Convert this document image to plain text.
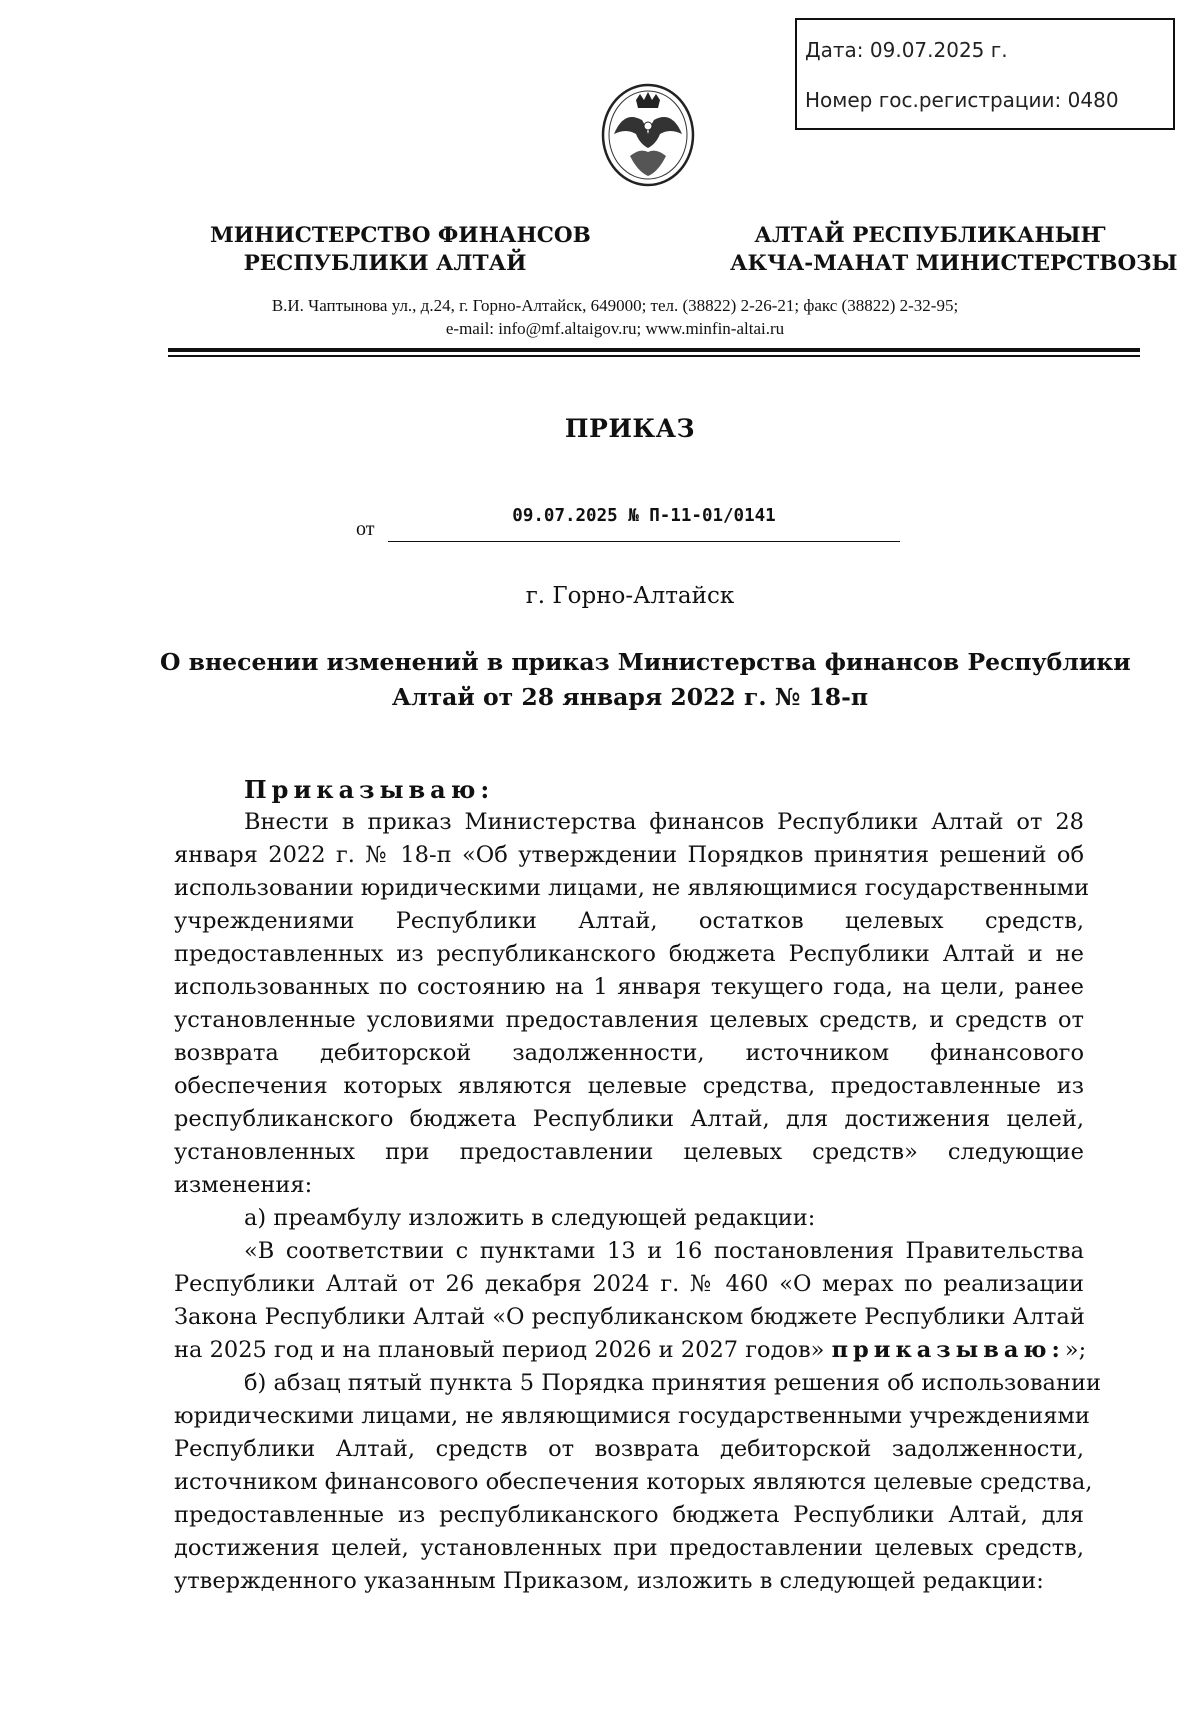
Дата: 09.07.2025 г.
Номер гос.регистрации: 0480
МИНИСТЕРСТВО ФИНАНСОВ
РЕСПУБЛИКИ АЛТАЙ
АЛТАЙ РЕСПУБЛИКАНЫҤ
АКЧА-МАНАТ МИНИСТЕРСТВОЗЫ
В.И. Чаптынова ул., д.24, г. Горно-Алтайск, 649000; тел. (38822) 2-26-21; факс (38822) 2-32-95;
e-mail: info@mf.altaigov.ru; www.minfin-altai.ru
ПРИКАЗ
от
09.07.2025 № П-11-01/0141
г. Горно-Алтайск
О внесении изменений в приказ Министерства финансов Республики
Алтай от 28 января 2022 г. № 18-п
Приказываю:
Внести в приказ Министерства финансов Республики Алтай от 28
января 2022 г. № 18-п «Об утверждении Порядков принятия решений об
использовании юридическими лицами, не являющимися государственными
учреждениями Республики Алтай, остатков целевых средств,
предоставленных из республиканского бюджета Республики Алтай и не
использованных по состоянию на 1 января текущего года, на цели, ранее
установленные условиями предоставления целевых средств, и средств от
возврата дебиторской задолженности, источником финансового
обеспечения которых являются целевые средства, предоставленные из
республиканского бюджета Республики Алтай, для достижения целей,
установленных при предоставлении целевых средств» следующие
изменения:
а) преамбулу изложить в следующей редакции:
«В соответствии с пунктами 13 и 16 постановления Правительства
Республики Алтай от 26 декабря 2024 г. № 460 «О мерах по реализации
Закона Республики Алтай «О республиканском бюджете Республики Алтай
на 2025 год и на плановый период 2026 и 2027 годов» приказываю:»;
б) абзац пятый пункта 5 Порядка принятия решения об использовании
юридическими лицами, не являющимися государственными учреждениями
Республики Алтай, средств от возврата дебиторской задолженности,
источником финансового обеспечения которых являются целевые средства,
предоставленные из республиканского бюджета Республики Алтай, для
достижения целей, установленных при предоставлении целевых средств,
утвержденного указанным Приказом, изложить в следующей редакции:
